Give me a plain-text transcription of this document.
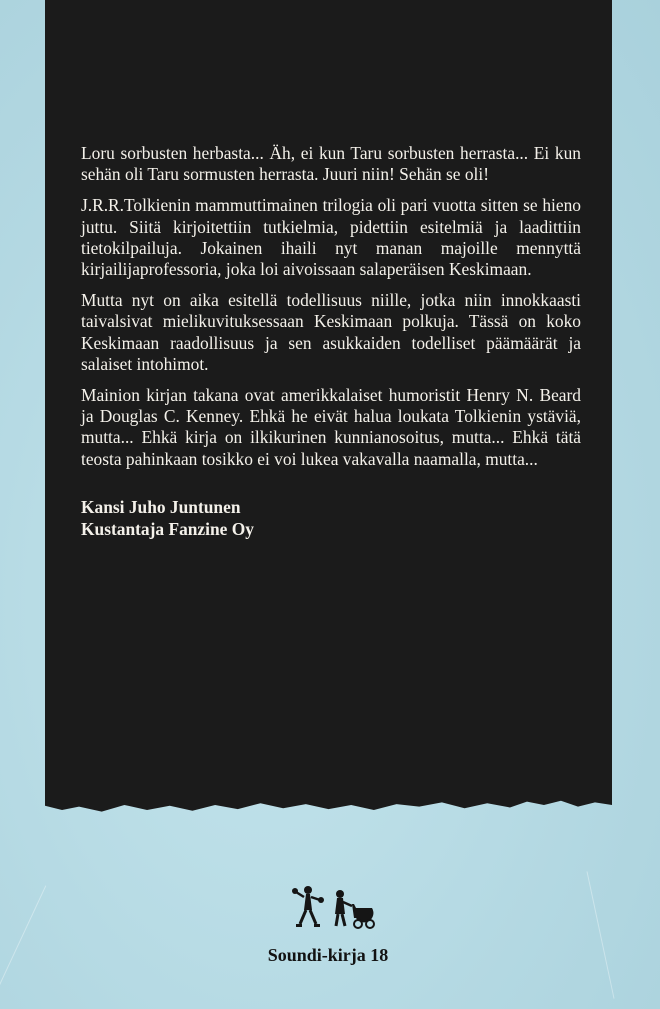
Loru sorbusten herbasta... Äh, ei kun Taru sorbusten herrasta... Ei kun sehän oli Taru sormusten herrasta. Juuri niin! Sehän se oli!

J.R.R.Tolkienin mammuttimainen trilogia oli pari vuotta sitten se hieno juttu. Siitä kirjoitettiin tutkielmia, pidettiin esitelmiä ja laadittiin tietokilpailuja. Jokainen ihaili nyt manan majoille mennyttä kirjailijaprofessoria, joka loi aivoissaan salaperäisen Keskimaan.

Mutta nyt on aika esitellä todellisuus niille, jotka niin innokkaasti taivalsivat mielikuvituksessaan Keskimaan polkuja. Tässä on koko Keskimaan raadollisuus ja sen asukkaiden todelliset päämäärät ja salaiset intohimot.

Mainion kirjan takana ovat amerikkalaiset humoristit Henry N. Beard ja Douglas C. Kenney. Ehkä he eivät halua loukata Tolkienin ystäviä, mutta... Ehkä kirja on ilkikurinen kunnianosoitus, mutta... Ehkä tätä teosta pahinkaan tosikko ei voi lukea vakavalla naamalla, mutta...

Kansi Juho Juntunen
Kustantaja Fanzine Oy
Soundi-kirja 18
